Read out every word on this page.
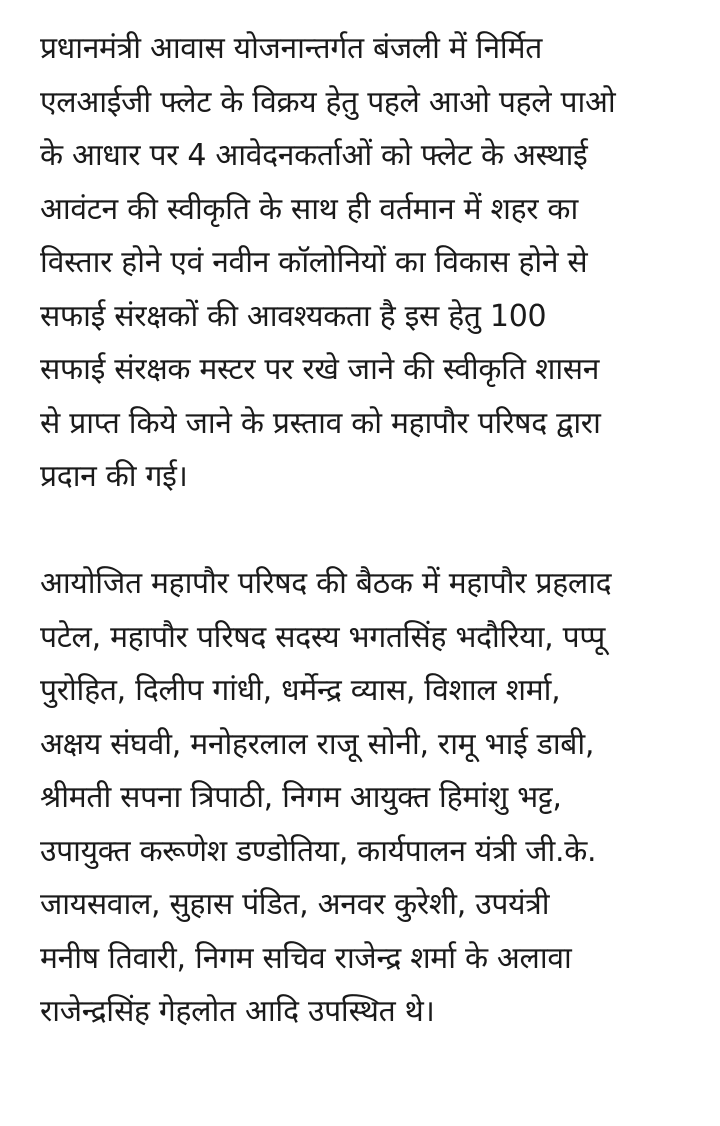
प्रधानमंत्री आवास योजनान्तर्गत बंजली में निर्मित
एलआईजी फ्लेट के विक्रय हेतु पहले आओ पहले पाओ
के आधार पर 4 आवेदनकर्ताओं को फ्लेट के अस्थाई
आवंटन की स्वीकृति के साथ ही वर्तमान में शहर का
विस्तार होने एवं नवीन कॉलोनियों का विकास होने से
सफाई संरक्षकों की आवश्यकता है इस हेतु 100
सफाई संरक्षक मस्टर पर रखे जाने की स्वीकृति शासन
से प्राप्त किये जाने के प्रस्ताव को महापौर परिषद द्वारा
प्रदान की गई।

आयोजित महापौर परिषद की बैठक में महापौर प्रहलाद
पटेल, महापौर परिषद सदस्य भगतसिंह भदौरिया, पप्पू
पुरोहित, दिलीप गांधी, धर्मेन्द्र व्यास, विशाल शर्मा,
अक्षय संघवी, मनोहरलाल राजू सोनी, रामू भाई डाबी,
श्रीमती सपना त्रिपाठी, निगम आयुक्त हिमांशु भट्ट,
उपायुक्त करूणेश डण्डोतिया, कार्यपालन यंत्री जी.के.
जायसवाल, सुहास पंडित, अनवर कुरेशी, उपयंत्री
मनीष तिवारी, निगम सचिव राजेन्द्र शर्मा के अलावा
राजेन्द्रसिंह गेहलोत आदि उपस्थित थे।
